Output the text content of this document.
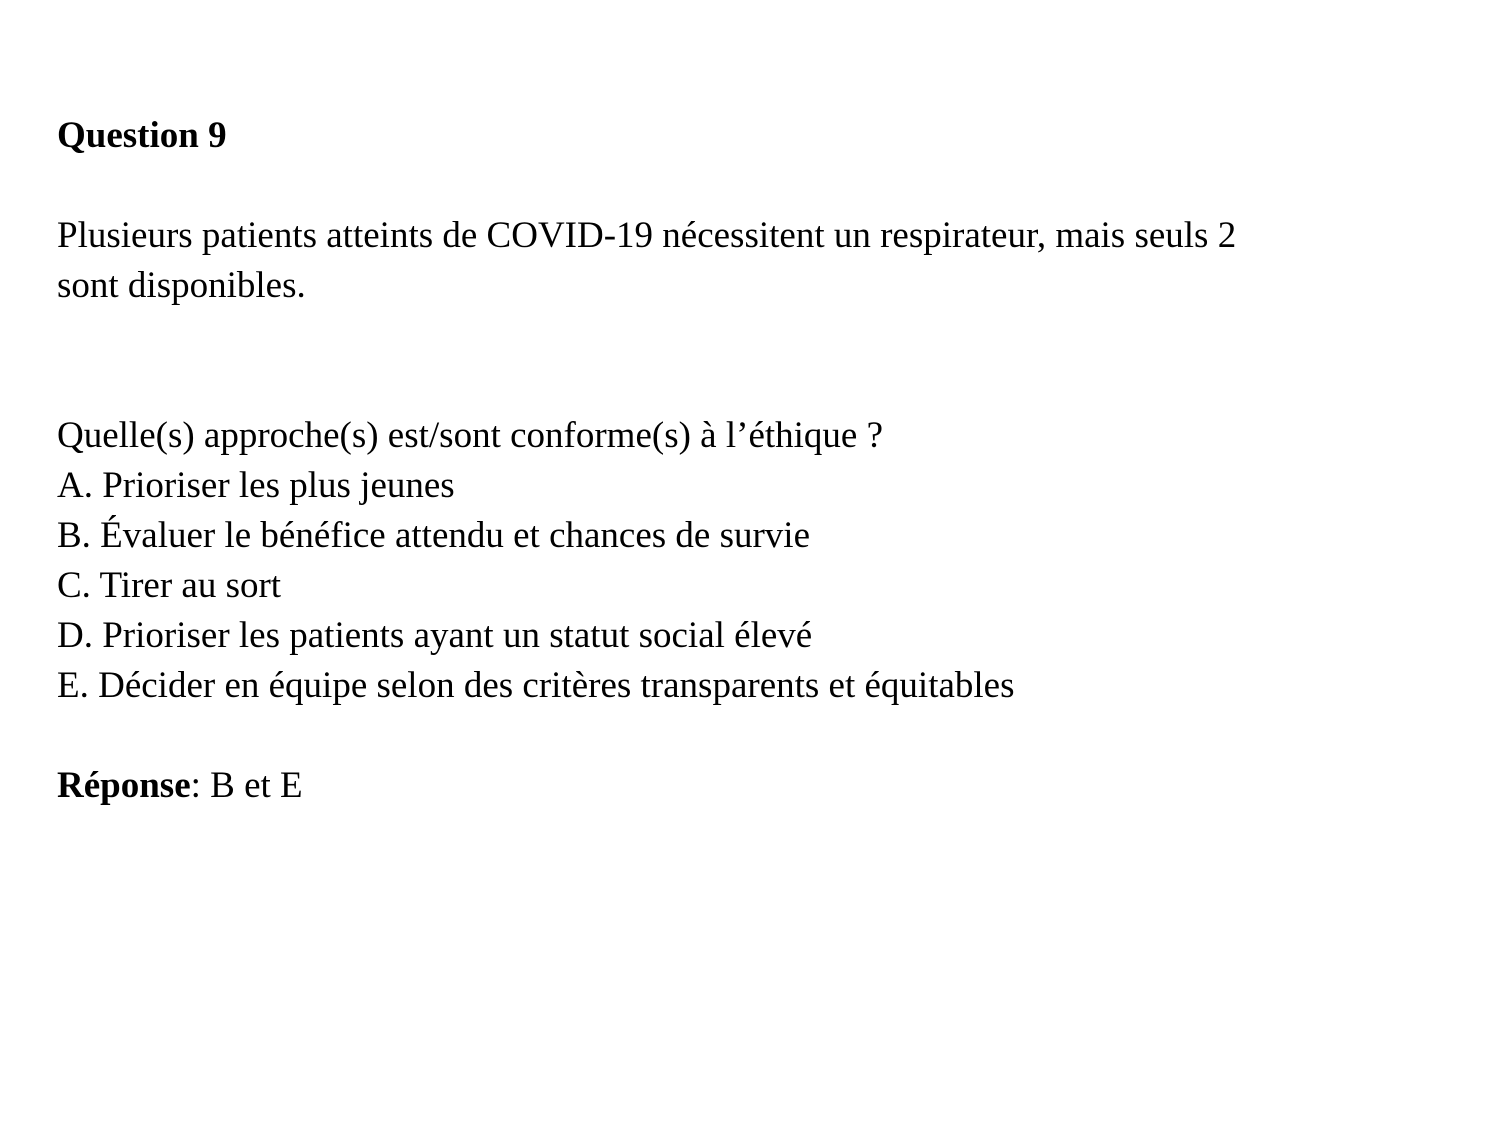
Question 9
Plusieurs patients atteints de COVID-19 nécessitent un respirateur, mais seuls 2
sont disponibles.
Quelle(s) approche(s) est/sont conforme(s) à l’éthique ?
A. Prioriser les plus jeunes
B. Évaluer le bénéfice attendu et chances de survie
C. Tirer au sort
D. Prioriser les patients ayant un statut social élevé
E. Décider en équipe selon des critères transparents et équitables
Réponse: B et E
